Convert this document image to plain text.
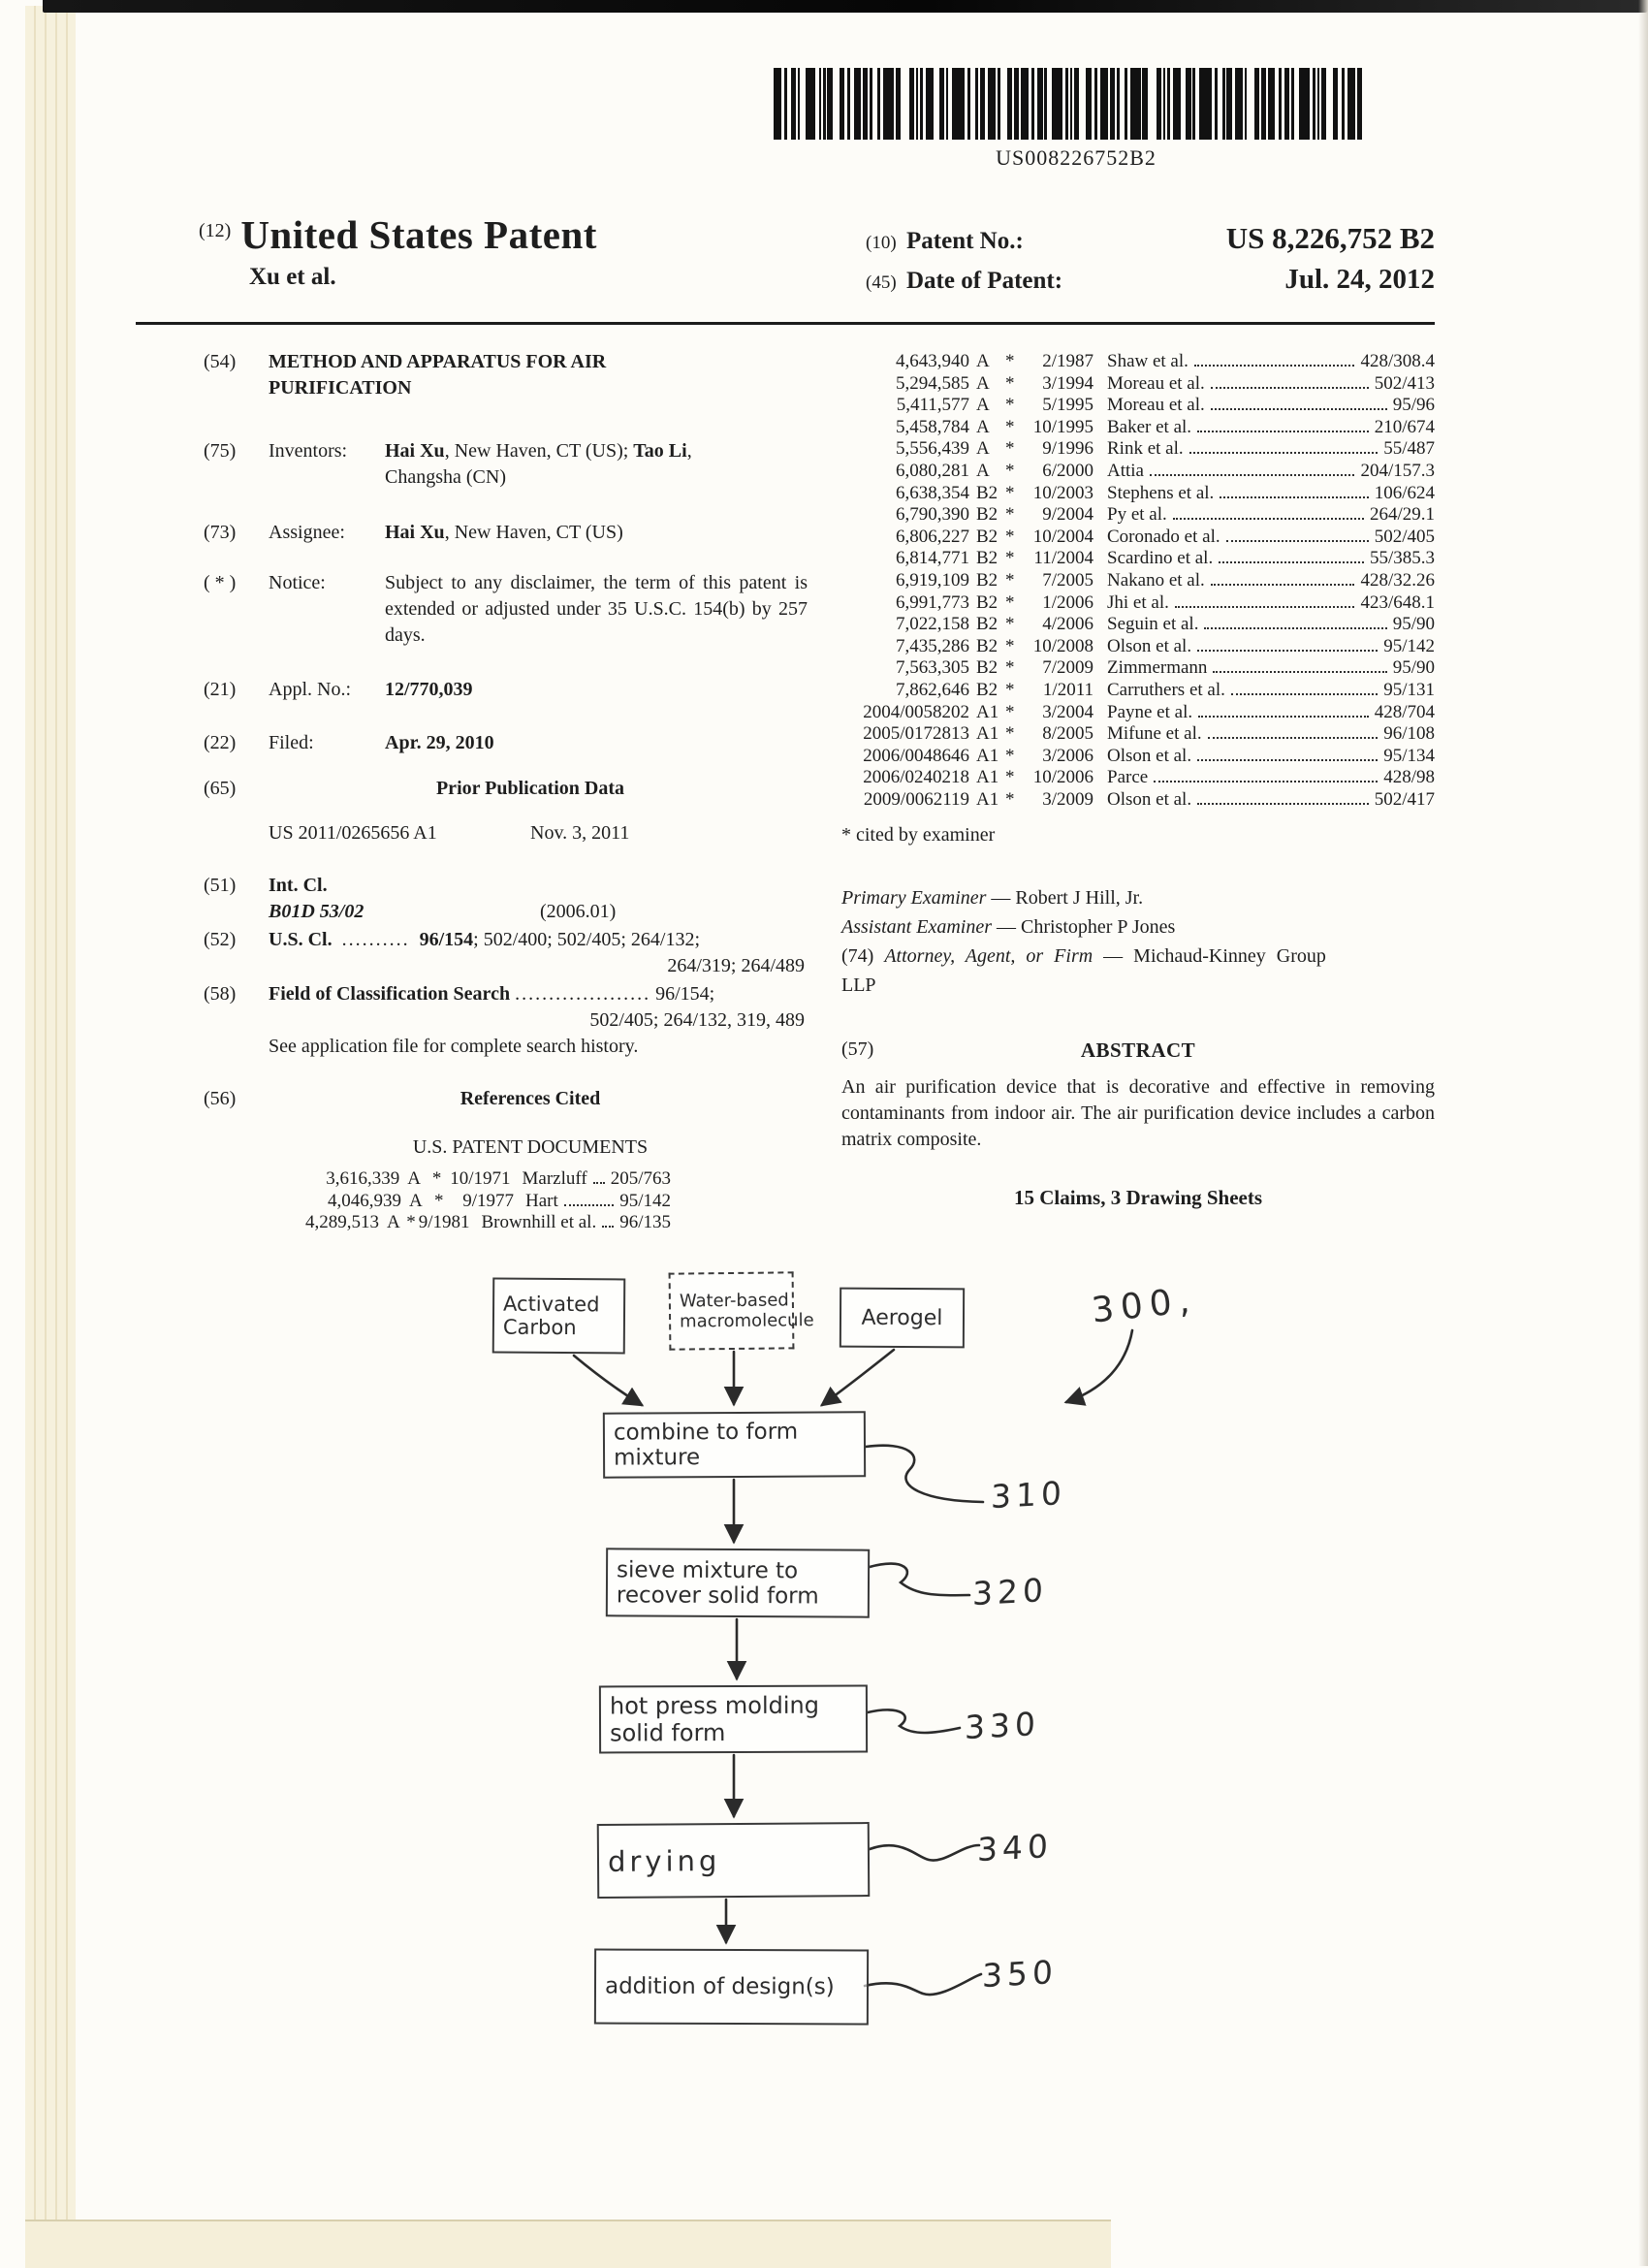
US008226752B2
(12) United States Patent
Xu et al.
(10) Patent No.:	US 8,226,752 B2
(45) Date of Patent:	Jul. 24, 2012
(54)	METHOD AND APPARATUS FOR AIR
PURIFICATION
(75)	Inventors:	Hai Xu, New Haven, CT (US); Tao Li,
Changsha (CN)
(73)	Assignee:	Hai Xu, New Haven, CT (US)
( * )	Notice:	Subject to any disclaimer, the term of this patent is extended or adjusted under 35 U.S.C. 154(b) by 257 days.
(21)	Appl. No.:	12/770,039
(22)	Filed:	Apr. 29, 2010
(65)	Prior Publication Data
US 2011/0265656 A1	Nov. 3, 2011
(51)	Int. Cl.
B01D 53/02	(2006.01)
(52)	U.S. Cl. .......... 96/154; 502/400; 502/405; 264/132;
264/319; 264/489
(58)	Field of Classification Search .................... 96/154;
502/405; 264/132, 319, 489
See application file for complete search history.
(56)	References Cited
U.S. PATENT DOCUMENTS
3,616,339 A * 10/1971 Marzluff 205/763
4,046,939 A *	9/1977 Hart	95/142
4,289,513 A * 9/1981 Brownhill et al. 96/135
4,643,940 A *	2/1987 Shaw et al.	428/308.4
5,294,585 A *	3/1994 Moreau et al.	502/413
5,411,577 A *	5/1995 Moreau et al.	95/96
5,458,784 A *	10/1995 Baker et al.	210/674
5,556,439 A *	9/1996 Rink et al.	55/487
6,080,281 A *	6/2000 Attia	204/157.3
6,638,354 B2 *	10/2003 Stephens et al.	106/624
6,790,390 B2 *	9/2004 Py et al.	264/29.1
6,806,227 B2 *	10/2004 Coronado et al.	502/405
6,814,771 B2 *	11/2004 Scardino et al.	55/385.3
6,919,109 B2 *	7/2005 Nakano et al.	428/32.26
6,991,773 B2 *	1/2006 Jhi et al.	423/648.1
7,022,158 B2 *	4/2006 Seguin et al.	95/90
7,435,286 B2 *	10/2008 Olson et al.	95/142
7,563,305 B2 *	7/2009 Zimmermann	95/90
7,862,646 B2 *	1/2011 Carruthers et al.	95/131
2004/0058202 A1 *	3/2004 Payne et al.	428/704
2005/0172813 A1 *	8/2005 Mifune et al.	96/108
2006/0048646 A1 *	3/2006 Olson et al.	95/134
2006/0240218 A1 *	10/2006 Parce	428/98
2009/0062119 A1 *	3/2009 Olson et al.	502/417
* cited by examiner
Primary Examiner — Robert J Hill, Jr.
Assistant Examiner — Christopher P Jones
(74) Attorney, Agent, or Firm — Michaud-Kinney Group
LLP
(57)	ABSTRACT
An air purification device that is decorative and effective in removing contaminants from indoor air. The air purification device includes a carbon matrix composite.
15 Claims, 3 Drawing Sheets
Activated Carbon
Water-based macromolecule	Aerogel
combine to form mixture
sieve mixture to recover solid form
hot press molding solid form
drying
addition of design(s)
300,
310
320
330
340
350
